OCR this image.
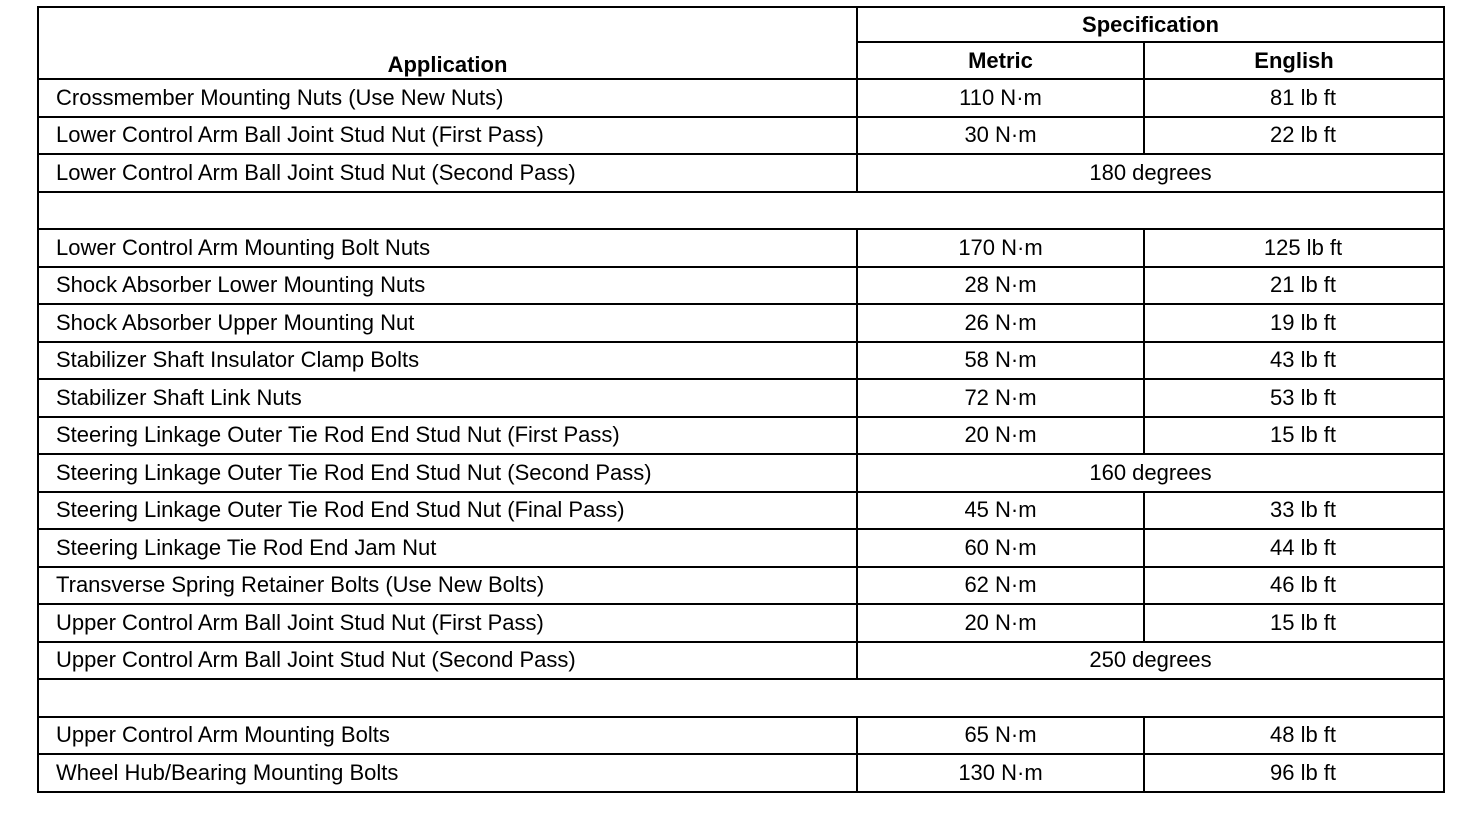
Application	Specification	
	Metric	English
Crossmember Mounting Nuts (Use New Nuts)	110 N·m	81 lb ft
Lower Control Arm Ball Joint Stud Nut (First Pass)	30 N·m	22 lb ft
Lower Control Arm Ball Joint Stud Nut (Second Pass)	180 degrees	

Lower Control Arm Mounting Bolt Nuts	170 N·m	125 lb ft
Shock Absorber Lower Mounting Nuts	28 N·m	21 lb ft
Shock Absorber Upper Mounting Nut	26 N·m	19 lb ft
Stabilizer Shaft Insulator Clamp Bolts	58 N·m	43 lb ft
Stabilizer Shaft Link Nuts	72 N·m	53 lb ft
Steering Linkage Outer Tie Rod End Stud Nut (First Pass)	20 N·m	15 lb ft
Steering Linkage Outer Tie Rod End Stud Nut (Second Pass)	160 degrees	
Steering Linkage Outer Tie Rod End Stud Nut (Final Pass)	45 N·m	33 lb ft
Steering Linkage Tie Rod End Jam Nut	60 N·m	44 lb ft
Transverse Spring Retainer Bolts (Use New Bolts)	62 N·m	46 lb ft
Upper Control Arm Ball Joint Stud Nut (First Pass)	20 N·m	15 lb ft
Upper Control Arm Ball Joint Stud Nut (Second Pass)	250 degrees	

Upper Control Arm Mounting Bolts	65 N·m	48 lb ft
Wheel Hub/Bearing Mounting Bolts	130 N·m	96 lb ft
